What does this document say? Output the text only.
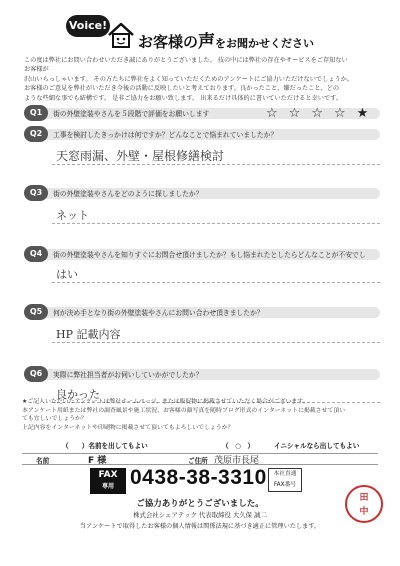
Voice!
お客様の声をお聞かせください

この度は弊社にお問い合わせいただき誠にありがとうございました。 技の中には弊社の存在やサービスをご存知ない

お客様が

沢山いらっしゃいます。 その方たちに弊社をよく知っていただくためのアンケートにご協力いただけないでしょうか。

お客様のご意見を弊社がいただき今後の活動に反映したいと考えております。良かったこと、嫌だったこと、どの

ような些細な事でも結構です。 是非ご協力をお願い致します。 出来るだけ具体的に書いていただけると幸いです。

Q1	街の外壁塗装やさんを５段階で評価をお願いします	☆ ☆ ☆ ☆ ★
Q2	工事を検討したきっかけは何ですか？どんなことで悩まれていましたか？
天窓雨漏、外壁・屋根修繕検討
Q3	街の外壁塗装やさんをどのように探しましたか？
ネット
Q4	街の外壁塗装やさんを知りすぐにお問合せ頂けましたか？もし悩まれたとしたらどんなことが不安でし
はい
Q5	何が決め手となり街の外壁塗装やさんにお問い合わせ頂きましたか？
HP 記載内容
Q6	実際に弊社担当者がお伺いしていかがでしたか？
良かった

★ご記入いただいたアンケートは弊社ホームページ、または販促物に掲載させていただく場合がございます。

本アンケート用紙または弊社の調査風景や施工状況、お客様の顔写真を随時ブログ形式のインターネットに掲載させて頂い

ても宜しいでしょうか？

上記内容をインターネットや印刷物に掲載させて頂いてもよろしいでしょうか？

（　　）名前を出してもよい	（　○　）	イニシャルなら出してもよい
名前	F 様	ご住所 茂原市長尾
FAX
専用 0438-38-3310	本社直通
FAX番号
ご協力ありがとうございました。
株式会社シェアテック 代表取締役 大久保 誠二
当アンケートで取得したお客様の個人情報は関係法規に基づき適正に管理いたします。
田
中
